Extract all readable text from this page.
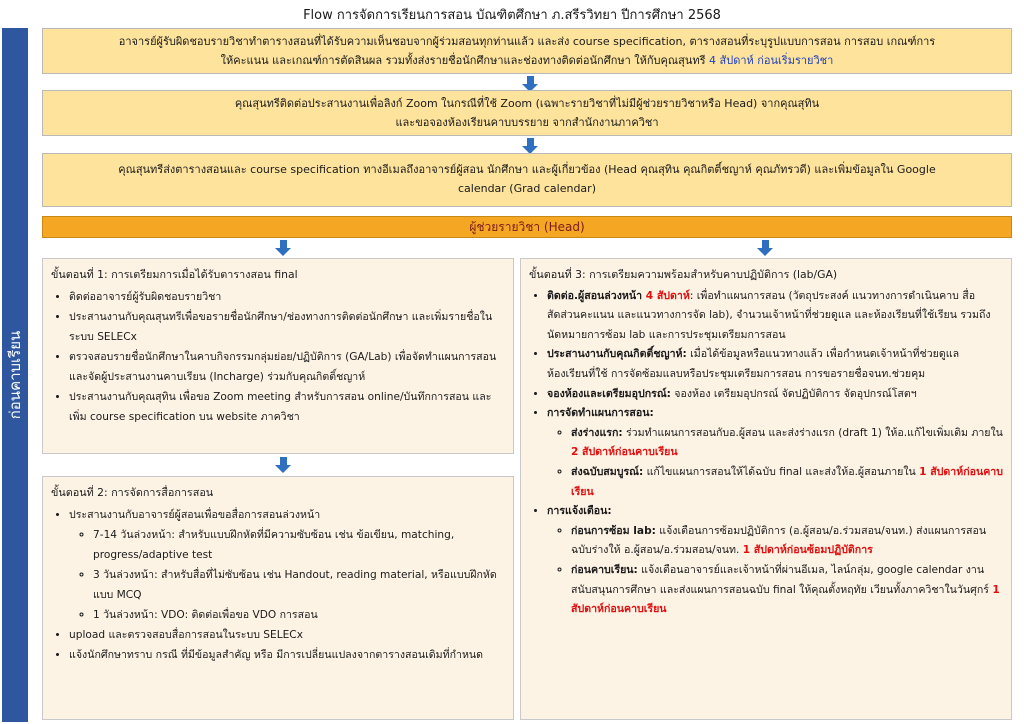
Flow การจัดการเรียนการสอน บัณฑิตศึกษา ภ.สรีรวิทยา ปีการศึกษา 2568
ก่อนคาบเรียน
อาจารย์ผู้รับผิดชอบรายวิชาทำตารางสอนที่ได้รับความเห็นชอบจากผู้ร่วมสอนทุกท่านแล้ว และส่ง course specification, ตารางสอนที่ระบุรูปแบบการสอน การสอบ เกณฑ์การ
ให้คะแนน และเกณฑ์การตัดสินผล รวมทั้งส่งรายชื่อนักศึกษาและช่องทางติดต่อนักศึกษา ให้กับคุณสุนทรี 4 สัปดาห์ ก่อนเริ่มรายวิชา
คุณสุนทรีติดต่อประสานงานเพื่อลิงก์ Zoom ในกรณีที่ใช้ Zoom (เฉพาะรายวิชาที่ไม่มีผู้ช่วยรายวิชาหรือ Head) จากคุณสุทิน
และขอจองห้องเรียนคาบบรรยาย จากสำนักงานภาควิชา
คุณสุนทรีส่งตารางสอนและ course specification ทางอีเมลถึงอาจารย์ผู้สอน นักศึกษา และผู้เกี่ยวข้อง (Head คุณสุทิน คุณกิตติ์ชญาห์ คุณภัทรวดี) และเพิ่มข้อมูลใน Google
calendar (Grad calendar)
ผู้ช่วยรายวิชา (Head)
ขั้นตอนที่ 1: การเตรียมการเมื่อได้รับตารางสอน final
• ติดต่ออาจารย์ผู้รับผิดชอบรายวิชา
• ประสานงานกับคุณสุนทรีเพื่อขอรายชื่อนักศึกษา/ช่องทางการติดต่อนักศึกษา และเพิ่มรายชื่อในระบบ SELECx
• ตรวจสอบรายชื่อนักศึกษาในคาบกิจกรรมกลุ่มย่อย/ปฏิบัติการ (GA/Lab) เพื่อจัดทำแผนการสอนและจัดผู้ประสานงานคาบเรียน (Incharge) ร่วมกับคุณกิตติ์ชญาห์
• ประสานงานกับคุณสุทิน เพื่อขอ Zoom meeting สำหรับการสอน online/บันทึกการสอน และเพิ่ม course specification บน website ภาควิชา
ขั้นตอนที่ 2: การจัดการสื่อการสอน
• ประสานงานกับอาจารย์ผู้สอนเพื่อขอสื่อการสอนล่วงหน้า
◦ 7-14 วันล่วงหน้า: สำหรับแบบฝึกหัดที่มีความซับซ้อน เช่น ข้อเขียน, matching, progress/adaptive test
◦ 3 วันล่วงหน้า: สำหรับสื่อที่ไม่ซับซ้อน เช่น Handout, reading material, หรือแบบฝึกหัดแบบ MCQ
◦ 1 วันล่วงหน้า: VDO: ติดต่อเพื่อขอ VDO การสอน
• upload และตรวจสอบสื่อการสอนในระบบ SELECx
• แจ้งนักศึกษาทราบ กรณี ที่มีข้อมูลสำคัญ หรือ มีการเปลี่ยนแปลงจากตารางสอนเดิมที่กำหนด
ขั้นตอนที่ 3: การเตรียมความพร้อมสำหรับคาบปฏิบัติการ (lab/GA)
• ติดต่อ.ผู้สอนล่วงหน้า 4 สัปดาห์: เพื่อทำแผนการสอน (วัตถุประสงค์ แนวทางการดำเนินคาบ สื่อ สัดส่วนคะแนน และแนวทางการจัด lab), จำนวนเจ้าหน้าที่ช่วยดูแล และห้องเรียนที่ใช้เรียน รวมถึงนัดหมายการซ้อม lab และการประชุมเตรียมการสอน
• ประสานงานกับคุณกิตติ์ชญาห์: เมื่อได้ข้อมูลหรือแนวทางแล้ว เพื่อกำหนดเจ้าหน้าที่ช่วยดูแล ห้องเรียนที่ใช้ การจัดซ้อมแลบหรือประชุมเตรียมการสอน การขอรายชื่อจนท.ช่วยคุม
• จองห้องและเตรียมอุปกรณ์: จองห้อง เตรียมอุปกรณ์ จัดปฏิบัติการ จัดอุปกรณ์โสตฯ
• การจัดทำแผนการสอน:
◦ ส่งร่างแรก: ร่วมทำแผนการสอนกับอ.ผู้สอน และส่งร่างแรก (draft 1) ให้อ.แก้ไขเพิ่มเติม ภายใน 2 สัปดาห์ก่อนคาบเรียน
◦ ส่งฉบับสมบูรณ์: แก้ไขแผนการสอนให้ได้ฉบับ final และส่งให้อ.ผู้สอนภายใน 1 สัปดาห์ก่อนคาบเรียน
• การแจ้งเตือน:
◦ ก่อนการซ้อม lab: แจ้งเตือนการซ้อมปฏิบัติการ (อ.ผู้สอน/อ.ร่วมสอน/จนท.) ส่งแผนการสอนฉบับร่างให้ อ.ผู้สอน/อ.ร่วมสอน/จนท. 1 สัปดาห์ก่อนซ้อมปฏิบัติการ
◦ ก่อนคาบเรียน: แจ้งเตือนอาจารย์และเจ้าหน้าที่ผ่านอีเมล, ไลน์กลุ่ม, google calendar งานสนับสนุนการศึกษา และส่งแผนการสอนฉบับ final ให้คุณตั้งหฤทัย เวียนทั้งภาควิชาในวันศุกร์ 1 สัปดาห์ก่อนคาบเรียน
